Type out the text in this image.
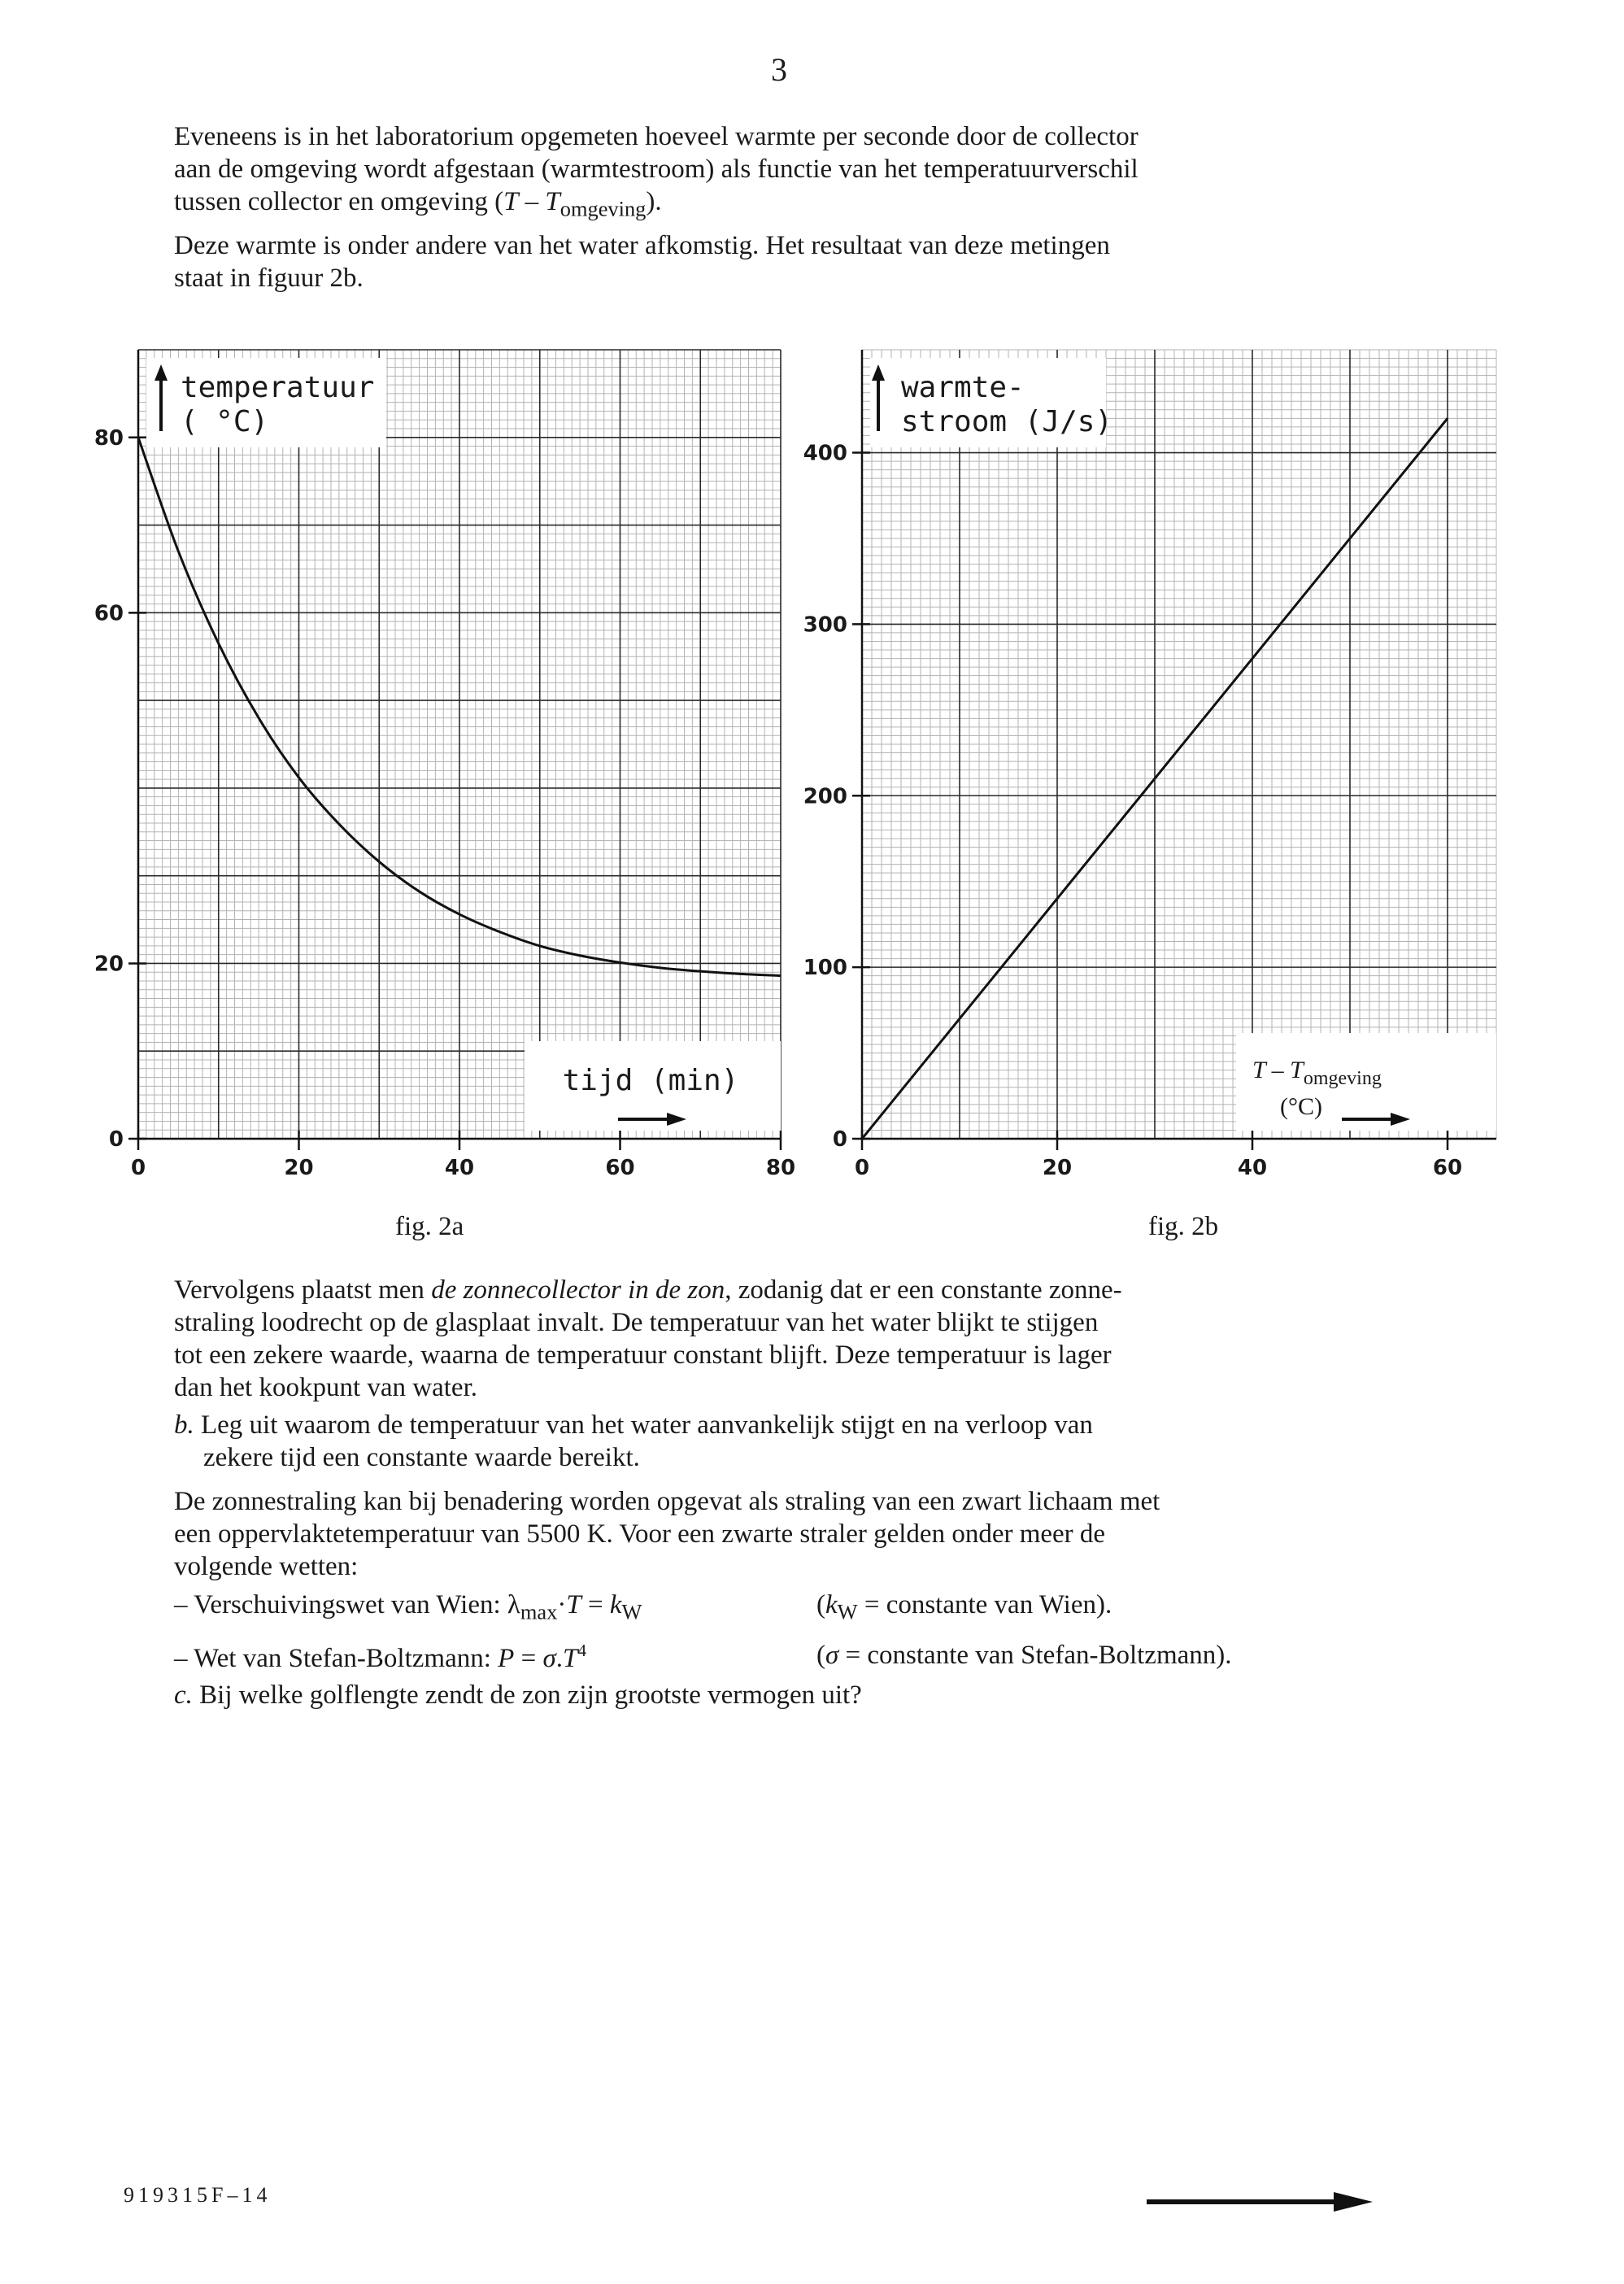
3

Eveneens is in het laboratorium opgemeten hoeveel warmte per seconde door de collector
aan de omgeving wordt afgestaan (warmtestroom) als functie van het temperatuurverschil
tussen collector en omgeving $(T - T_{omgeving})$.
Deze warmte is onder andere van het water afkomstig. Het resultaat van deze metingen
staat in figuur 2b.

0	20	40	60	80
0
20
60
80
temperatuur
( °C)
tijd (min)
fig. 2a
0	20	40	60
0
100
200
300
400
warmte-
stroom (J/s)
T – $T_{omgeving}$
(°C)
fig. 2b

Vervolgens plaatst men de zonnecollector in de zon, zodanig dat er een constante zonne-
straling loodrecht op de glasplaat invalt. De temperatuur van het water blijkt te stijgen
tot een zekere waarde, waarna de temperatuur constant blijft. Deze temperatuur is lager
dan het kookpunt van water.

b. Leg uit waarom de temperatuur van het water aanvankelijk stijgt en na verloop van
zekere tijd een constante waarde bereikt.

De zonnestraling kan bij benadering worden opgevat als straling van een zwart lichaam met
een oppervlaktetemperatuur van 5500 K. Voor een zwarte straler gelden onder meer de
volgende wetten:

– Verschuivingswet van Wien: $\lambda_{max}\cdot T = k_W$	($k_W$ = constante van Wien).
– Wet van Stefan-Boltzmann: $P = \sigma.T^4$	(σ = constante van Stefan-Boltzmann).
c. Bij welke golflengte zendt de zon zijn grootste vermogen uit?
919315F–14
